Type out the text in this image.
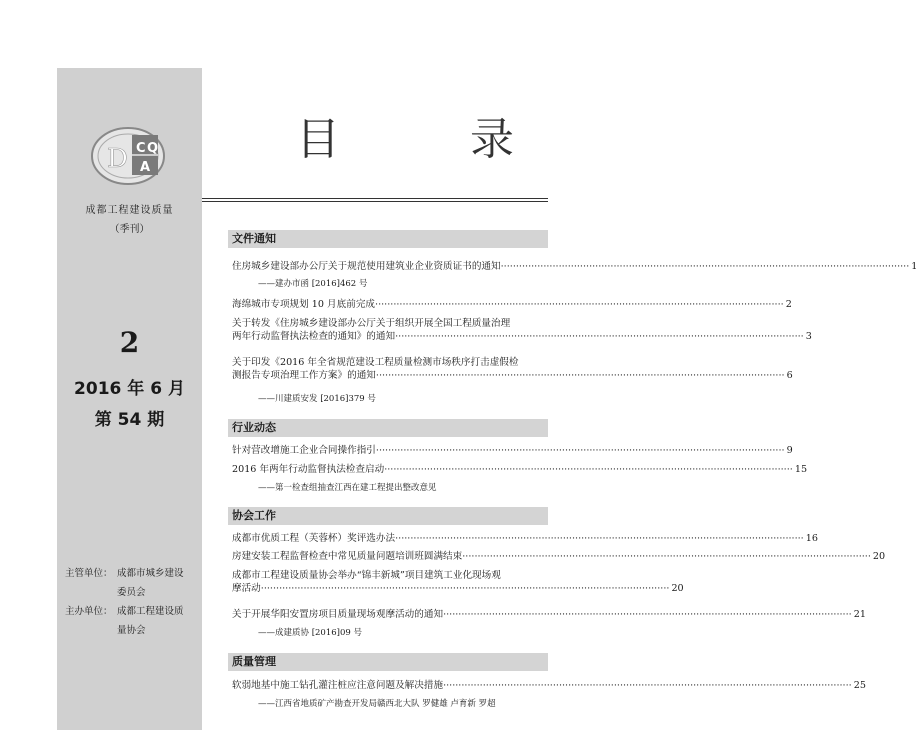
D C Q
A
成都工程建设质量
（季刊）
2
2016 年 6 月
第 54 期
主管单位： 成都市城乡建设
委员会
主办单位： 成都工程建设质
量协会
目 录
文件通知
住房城乡建设部办公厅关于规范使用建筑业企业资质证书的通知 ·····	1
——建办市函 [2016]462 号
海绵城市专项规划 10 月底前完成 ·····	2
关于转发《住房城乡建设部办公厅关于组织开展全国工程质量治理
两年行动监督执法检查的通知》的通知 ·····	3
关于印发《2016 年全省规范建设工程质量检测市场秩序打击虚假检
测报告专项治理工作方案》的通知 ·····	6
——川建质安发 [2016]379 号
行业动态
针对营改增施工企业合同操作指引 ·····	9
2016 年两年行动监督执法检查启动 ·····	15
——第一检查组抽查江西在建工程提出整改意见
协会工作
成都市优质工程（芙蓉杯）奖评选办法 ·····	16
房建安装工程监督检查中常见质量问题培训班圆满结束 ·····	20
成都市工程建设质量协会举办“锦丰新城”项目建筑工业化现场观
摩活动 ·····	20
关于开展华阳安置房项目质量现场观摩活动的通知 ·····	21
——成建质协 [2016]09 号
质量管理
软弱地基中施工钻孔灌注桩应注意问题及解决措施 ·····	25
——江西省地质矿产勘查开发局赣西北大队 罗健雄 卢育新 罗超
